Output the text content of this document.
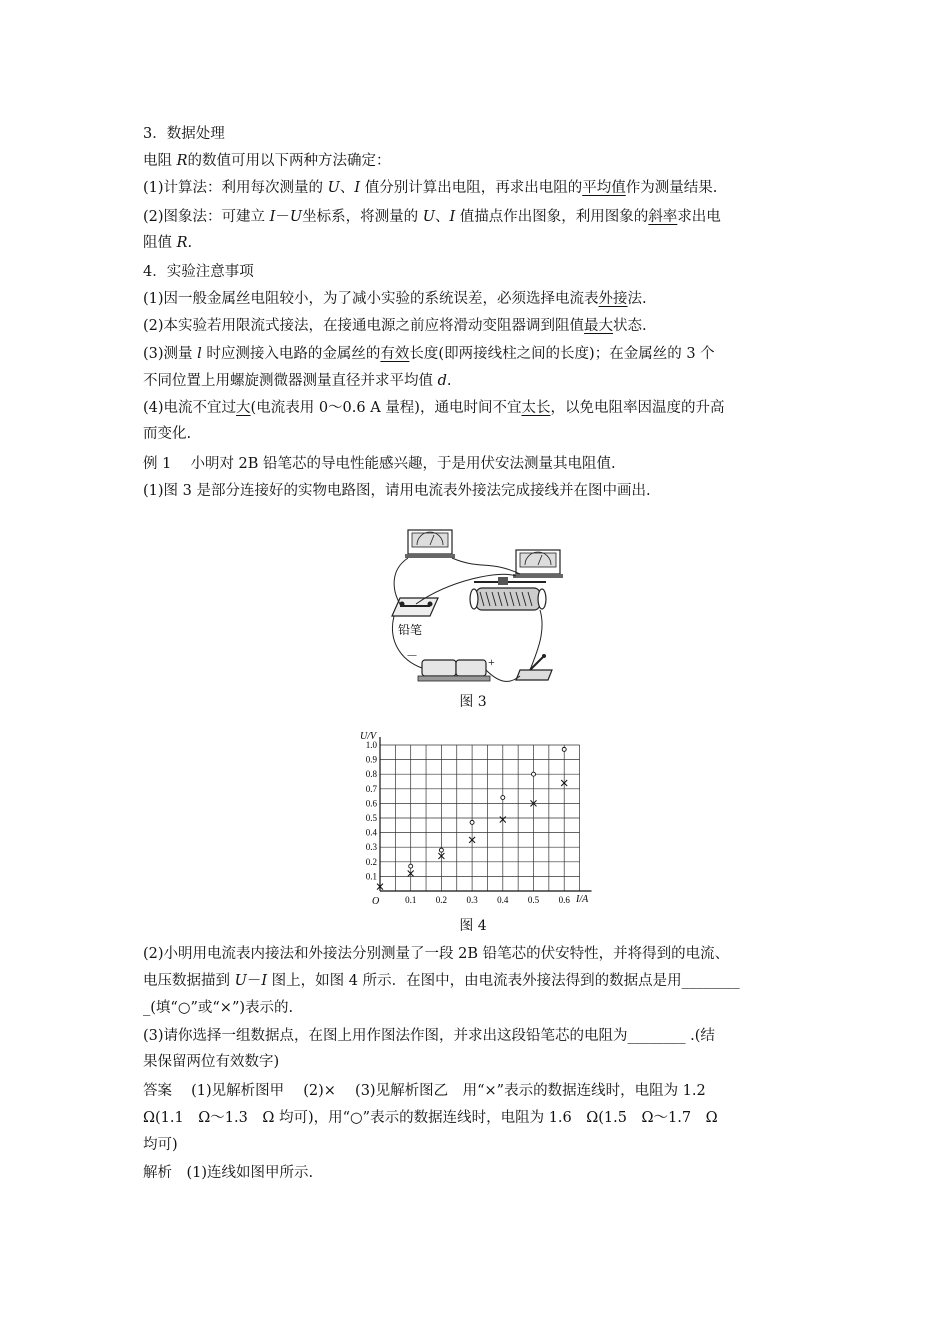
3．数据处理
电阻 R的数值可用以下两种方法确定：
(1)计算法：利用每次测量的 U、I 值分别计算出电阻，再求出电阻的平均值作为测量结果.
(2)图象法：可建立 I－U坐标系，将测量的 U、I 值描点作出图象，利用图象的斜率求出电
阻值 R.
4．实验注意事项
(1)因一般金属丝电阻较小，为了减小实验的系统误差，必须选择电流表外接法.
(2)本实验若用限流式接法，在接通电源之前应将滑动变阻器调到阻值最大状态.
(3)测量 l 时应测接入电路的金属丝的有效长度(即两接线柱之间的长度)；在金属丝的 3 个
不同位置上用螺旋测微器测量直径并求平均值 d.
(4)电流不宜过大(电流表用 0～0.6 A 量程)，通电时间不宜太长，以免电阻率因温度的升高
而变化.
例 1　 小明对 2B 铅笔芯的导电性能感兴趣，于是用伏安法测量其电阻值.
(1)图 3 是部分连接好的实物电路图，请用电流表外接法完成接线并在图中画出.
铅笔
－	+
图 3
0.1 0.2 0.3 0.4 0.5 0.6
0.1
0.2
0.3
0.4
0.5
0.6
0.7
0.8
0.9
1.0
U/V
I/A
O
图 4
(2)小明用电流表内接法和外接法分别测量了一段 2B 铅笔芯的伏安特性，并将得到的电流、
电压数据描到 U－I 图上，如图 4 所示．在图中，由电流表外接法得到的数据点是用________
_(填“○”或“×”)表示的.
(3)请你选择一组数据点，在图上用作图法作图，并求出这段铅笔芯的电阻为________ .(结
果保留两位有效数字)
答案　 (1)见解析图甲　 (2)×　 (3)见解析图乙　用“×”表示的数据连线时，电阻为 1.2
Ω(1.1　Ω～1.3　Ω 均可)，用“○”表示的数据连线时，电阻为 1.6　Ω(1.5　Ω～1.7　Ω
均可)
解析　(1)连线如图甲所示.
